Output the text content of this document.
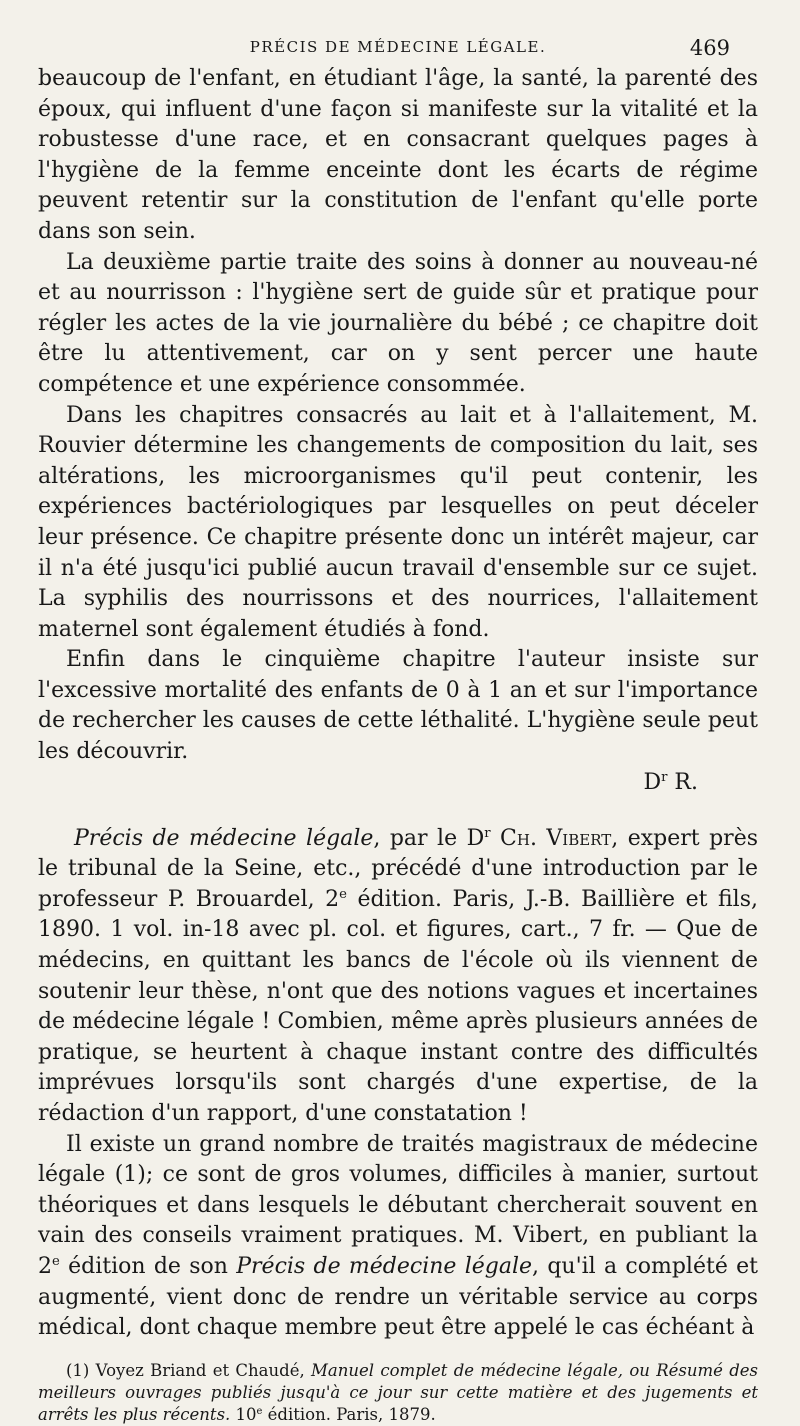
PRÉCIS DE MÉDECINE LÉGALE.	469

beaucoup de l'enfant, en étudiant l'âge, la santé, la parenté des époux, qui influent d'une façon si manifeste sur la vitalité et la robustesse d'une race, et en consacrant quelques pages à l'hygiène de la femme enceinte dont les écarts de régime peuvent retentir sur la constitution de l'enfant qu'elle porte dans son sein.

La deuxième partie traite des soins à donner au nouveau-né et au nourrisson : l'hygiène sert de guide sûr et pratique pour régler les actes de la vie journalière du bébé ; ce chapitre doit être lu attentivement, car on y sent percer une haute compétence et une expérience consommée.

Dans les chapitres consacrés au lait et à l'allaitement, M. Rouvier détermine les changements de composition du lait, ses altérations, les microorganismes qu'il peut contenir, les expériences bactériologiques par lesquelles on peut déceler leur présence. Ce chapitre présente donc un intérêt majeur, car il n'a été jusqu'ici publié aucun travail d'ensemble sur ce sujet. La syphilis des nourrissons et des nourrices, l'allaitement maternel sont également étudiés à fond.

Enfin dans le cinquième chapitre l'auteur insiste sur l'excessive mortalité des enfants de 0 à 1 an et sur l'importance de rechercher les causes de cette léthalité. L'hygiène seule peut les découvrir.

$D^r$ R.

Précis de médecine légale, par le $D^r$ Ch. Vibert, expert près le tribunal de la Seine, etc., précédé d'une introduction par le professeur P. Brouardel, 2e édition. Paris, J.-B. Baillière et fils, 1890. 1 vol. in-18 avec pl. col. et figures, cart., 7 fr. — Que de médecins, en quittant les bancs de l'école où ils viennent de soutenir leur thèse, n'ont que des notions vagues et incertaines de médecine légale ! Combien, même après plusieurs années de pratique, se heurtent à chaque instant contre des difficultés imprévues lorsqu'ils sont chargés d'une expertise, de la rédaction d'un rapport, d'une constatation !

Il existe un grand nombre de traités magistraux de médecine légale (1); ce sont de gros volumes, difficiles à manier, surtout théoriques et dans lesquels le débutant chercherait souvent en vain des conseils vraiment pratiques. M. Vibert, en publiant la 2e édition de son Précis de médecine légale, qu'il a complété et augmenté, vient donc de rendre un véritable service au corps médical, dont chaque membre peut être appelé le cas échéant à

(1) Voyez Briand et Chaudé, Manuel complet de médecine légale, ou Résumé des meilleurs ouvrages publiés jusqu'à ce jour sur cette matière et des jugements et arrêts les plus récents. 10e édition. Paris, 1879.
